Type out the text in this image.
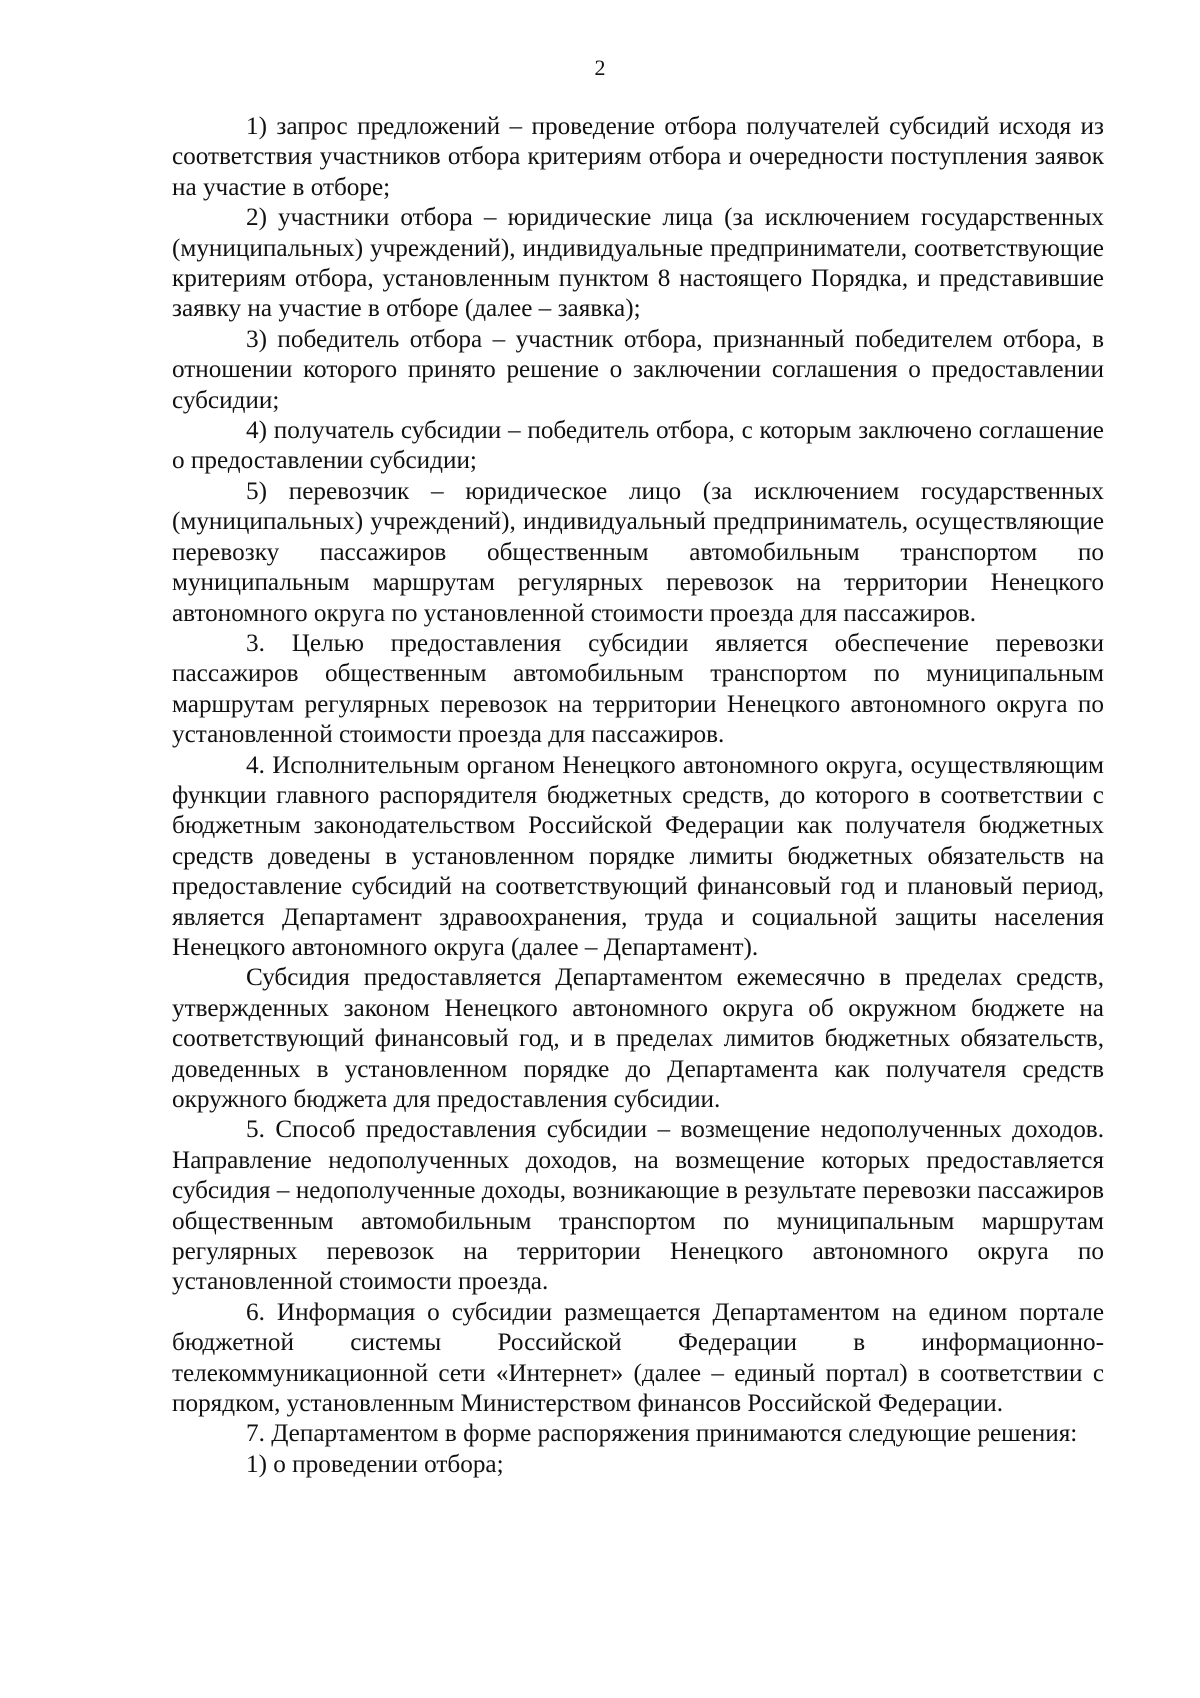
2

1) запрос предложений – проведение отбора получателей субсидий исходя из соответствия участников отбора критериям отбора и очередности поступления заявок на участие в отборе;

2) участники отбора – юридические лица (за исключением государственных (муниципальных) учреждений), индивидуальные предприниматели, соответствующие критериям отбора, установленным пунктом 8 настоящего Порядка, и представившие заявку на участие в отборе (далее – заявка);

3) победитель отбора – участник отбора, признанный победителем отбора, в отношении которого принято решение о заключении соглашения о предоставлении субсидии;

4) получатель субсидии – победитель отбора, с которым заключено соглашение о предоставлении субсидии;

5) перевозчик – юридическое лицо (за исключением государственных (муниципальных) учреждений), индивидуальный предприниматель, осуществляющие перевозку пассажиров общественным автомобильным транспортом по муниципальным маршрутам регулярных перевозок на территории Ненецкого автономного округа по установленной стоимости проезда для пассажиров.

3. Целью предоставления субсидии является обеспечение перевозки пассажиров общественным автомобильным транспортом по муниципальным маршрутам регулярных перевозок на территории Ненецкого автономного округа по установленной стоимости проезда для пассажиров.

4. Исполнительным органом Ненецкого автономного округа, осуществляющим функции главного распорядителя бюджетных средств, до которого в соответствии с бюджетным законодательством Российской Федерации как получателя бюджетных средств доведены в установленном порядке лимиты бюджетных обязательств на предоставление субсидий на соответствующий финансовый год и плановый период, является Департамент здравоохранения, труда и социальной защиты населения Ненецкого автономного округа (далее – Департамент).

Субсидия предоставляется Департаментом ежемесячно в пределах средств, утвержденных законом Ненецкого автономного округа об окружном бюджете на соответствующий финансовый год, и в пределах лимитов бюджетных обязательств, доведенных в установленном порядке до Департамента как получателя средств окружного бюджета для предоставления субсидии.

5. Способ предоставления субсидии – возмещение недополученных доходов. Направление недополученных доходов, на возмещение которых предоставляется субсидия – недополученные доходы, возникающие в результате перевозки пассажиров общественным автомобильным транспортом по муниципальным маршрутам регулярных перевозок на территории Ненецкого автономного округа по установленной стоимости проезда.

6. Информация о субсидии размещается Департаментом на едином портале бюджетной системы Российской Федерации в информационно-телекоммуникационной сети «Интернет» (далее – единый портал) в соответствии с порядком, установленным Министерством финансов Российской Федерации.

7. Департаментом в форме распоряжения принимаются следующие решения:

1) о проведении отбора;
